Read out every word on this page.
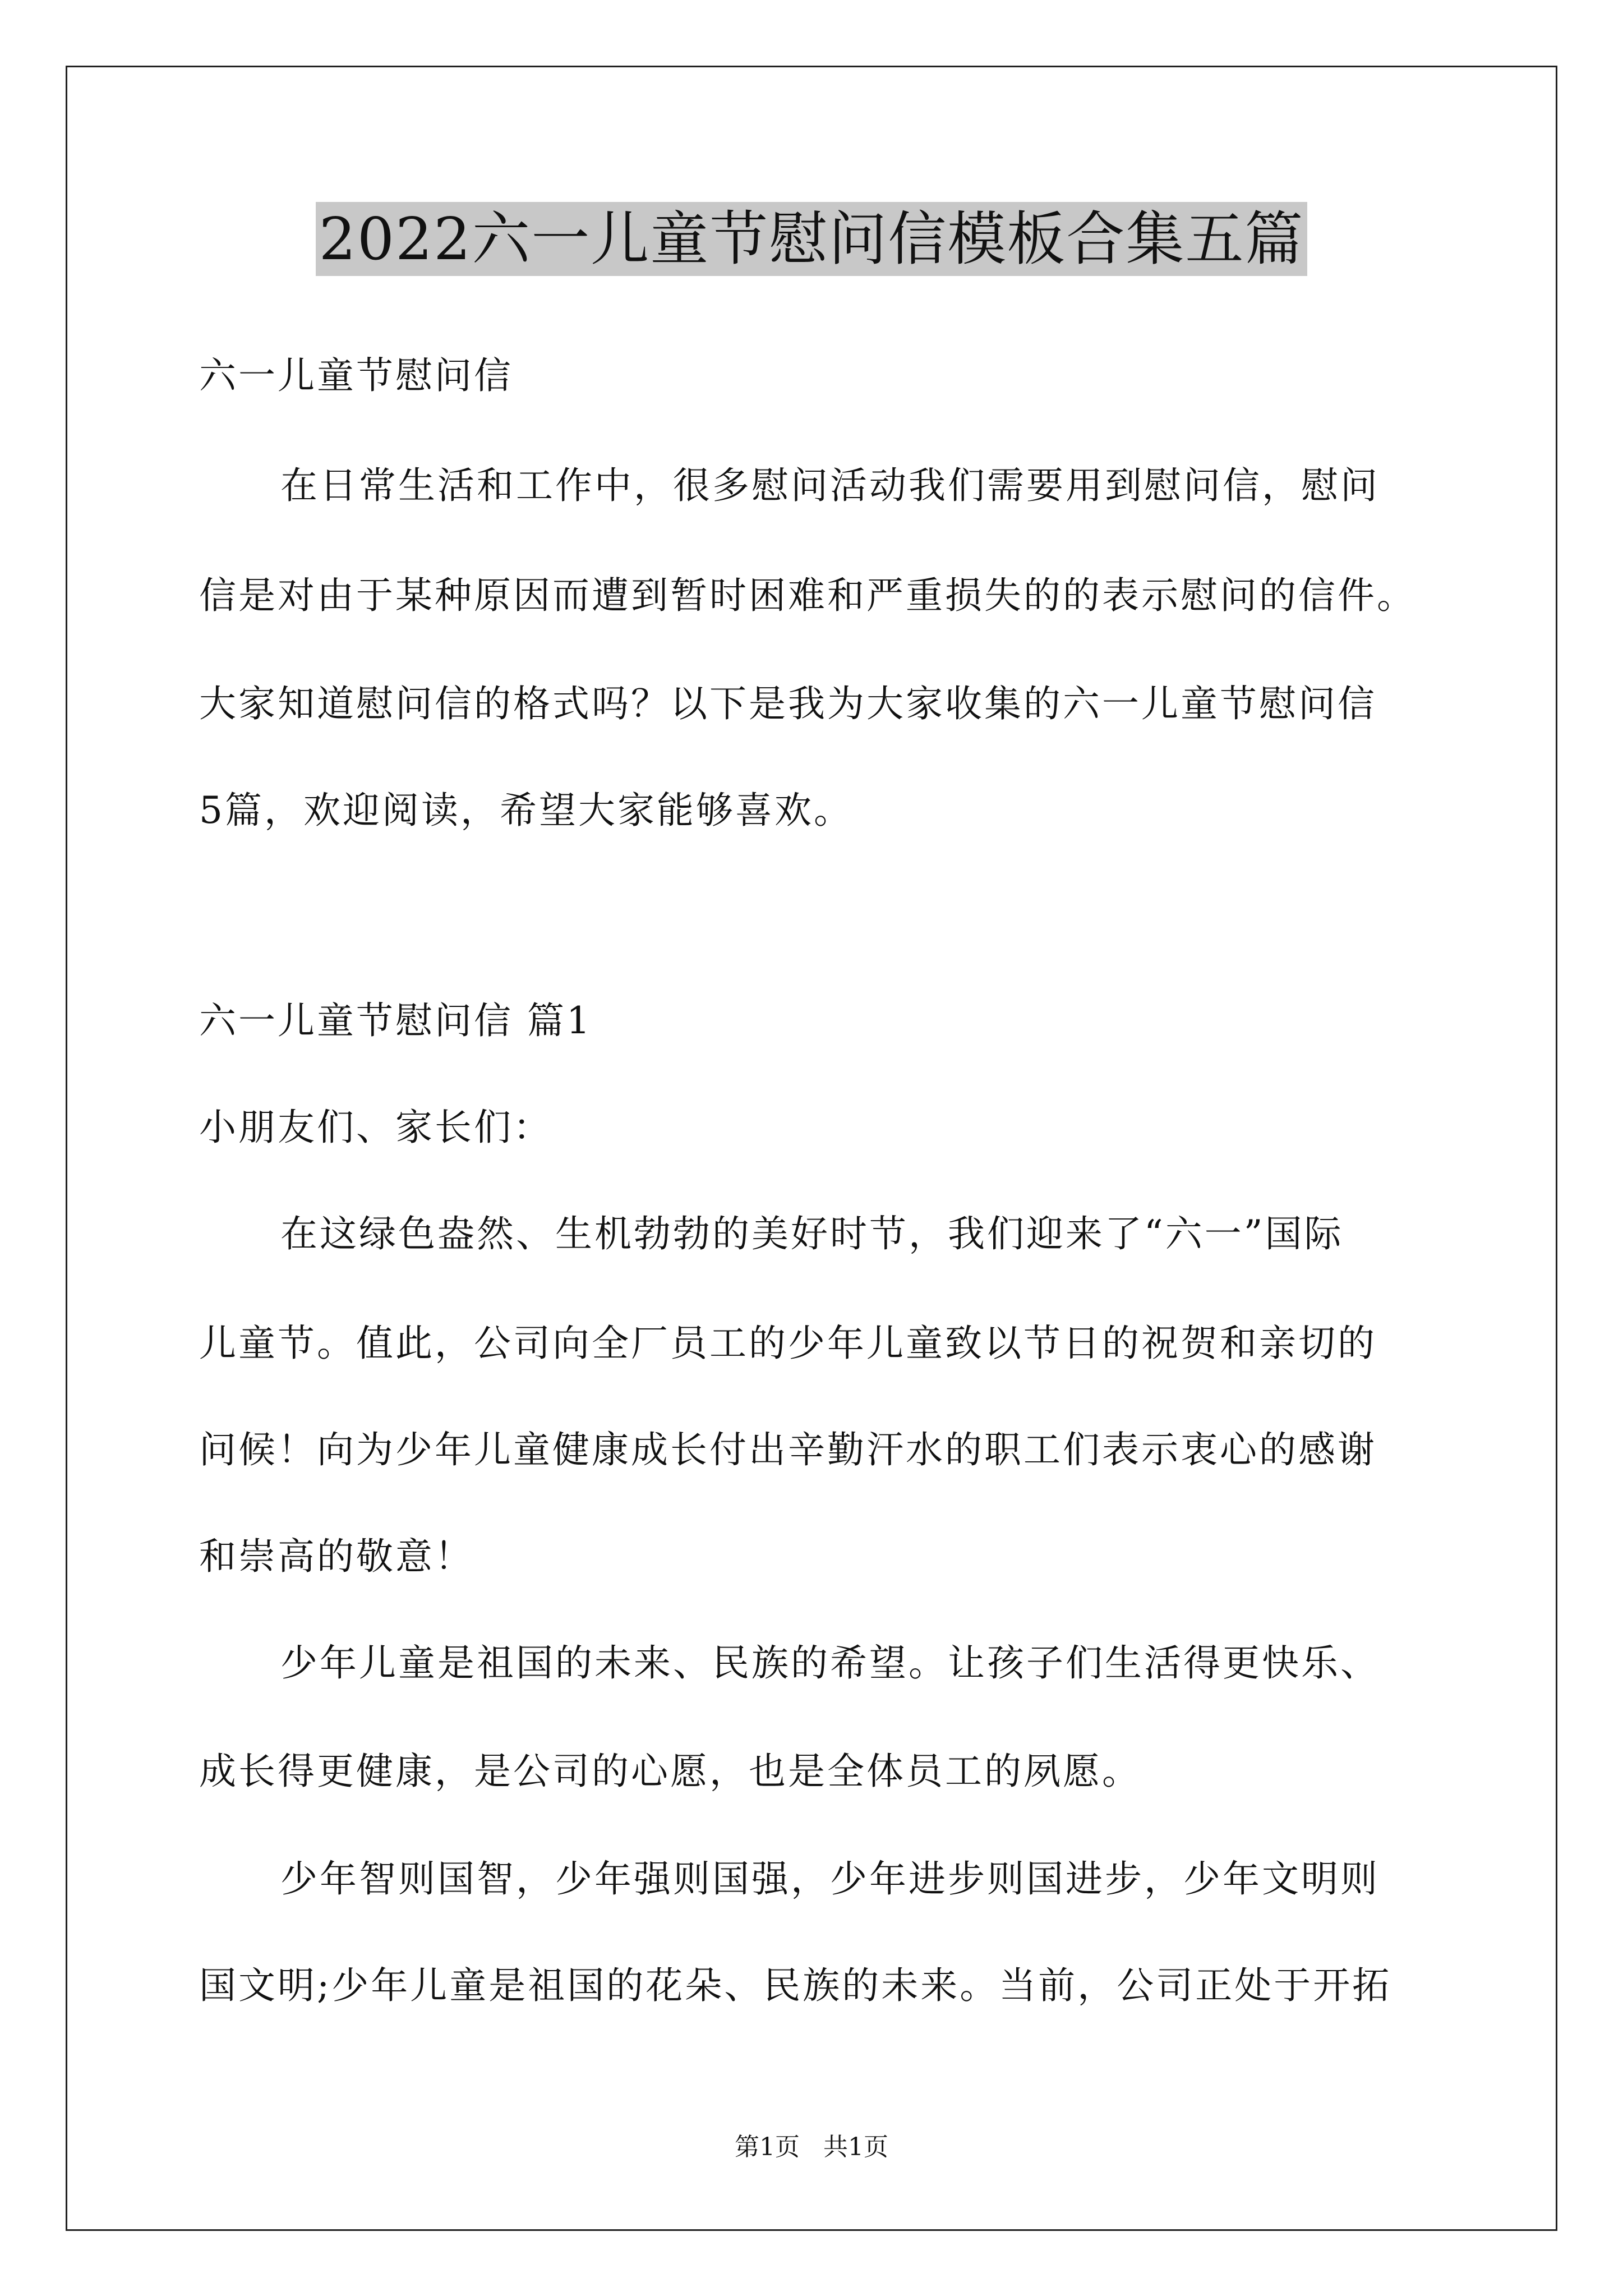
2022六一儿童节慰问信模板合集五篇
六一儿童节慰问信
在日常生活和工作中，很多慰问活动我们需要用到慰问信，慰问
信是对由于某种原因而遭到暂时困难和严重损失的的表示慰问的信件。
大家知道慰问信的格式吗？以下是我为大家收集的六一儿童节慰问信
5篇，欢迎阅读，希望大家能够喜欢。
六一儿童节慰问信 篇1
小朋友们、家长们：
在这绿色盎然、生机勃勃的美好时节，我们迎来了“六一”国际
儿童节。值此，公司向全厂员工的少年儿童致以节日的祝贺和亲切的
问候！向为少年儿童健康成长付出辛勤汗水的职工们表示衷心的感谢
和崇高的敬意！
少年儿童是祖国的未来、民族的希望。让孩子们生活得更快乐、
成长得更健康，是公司的心愿，也是全体员工的夙愿。
少年智则国智，少年强则国强，少年进步则国进步，少年文明则
国文明;少年儿童是祖国的花朵、民族的未来。当前，公司正处于开拓
第1页   共1页
